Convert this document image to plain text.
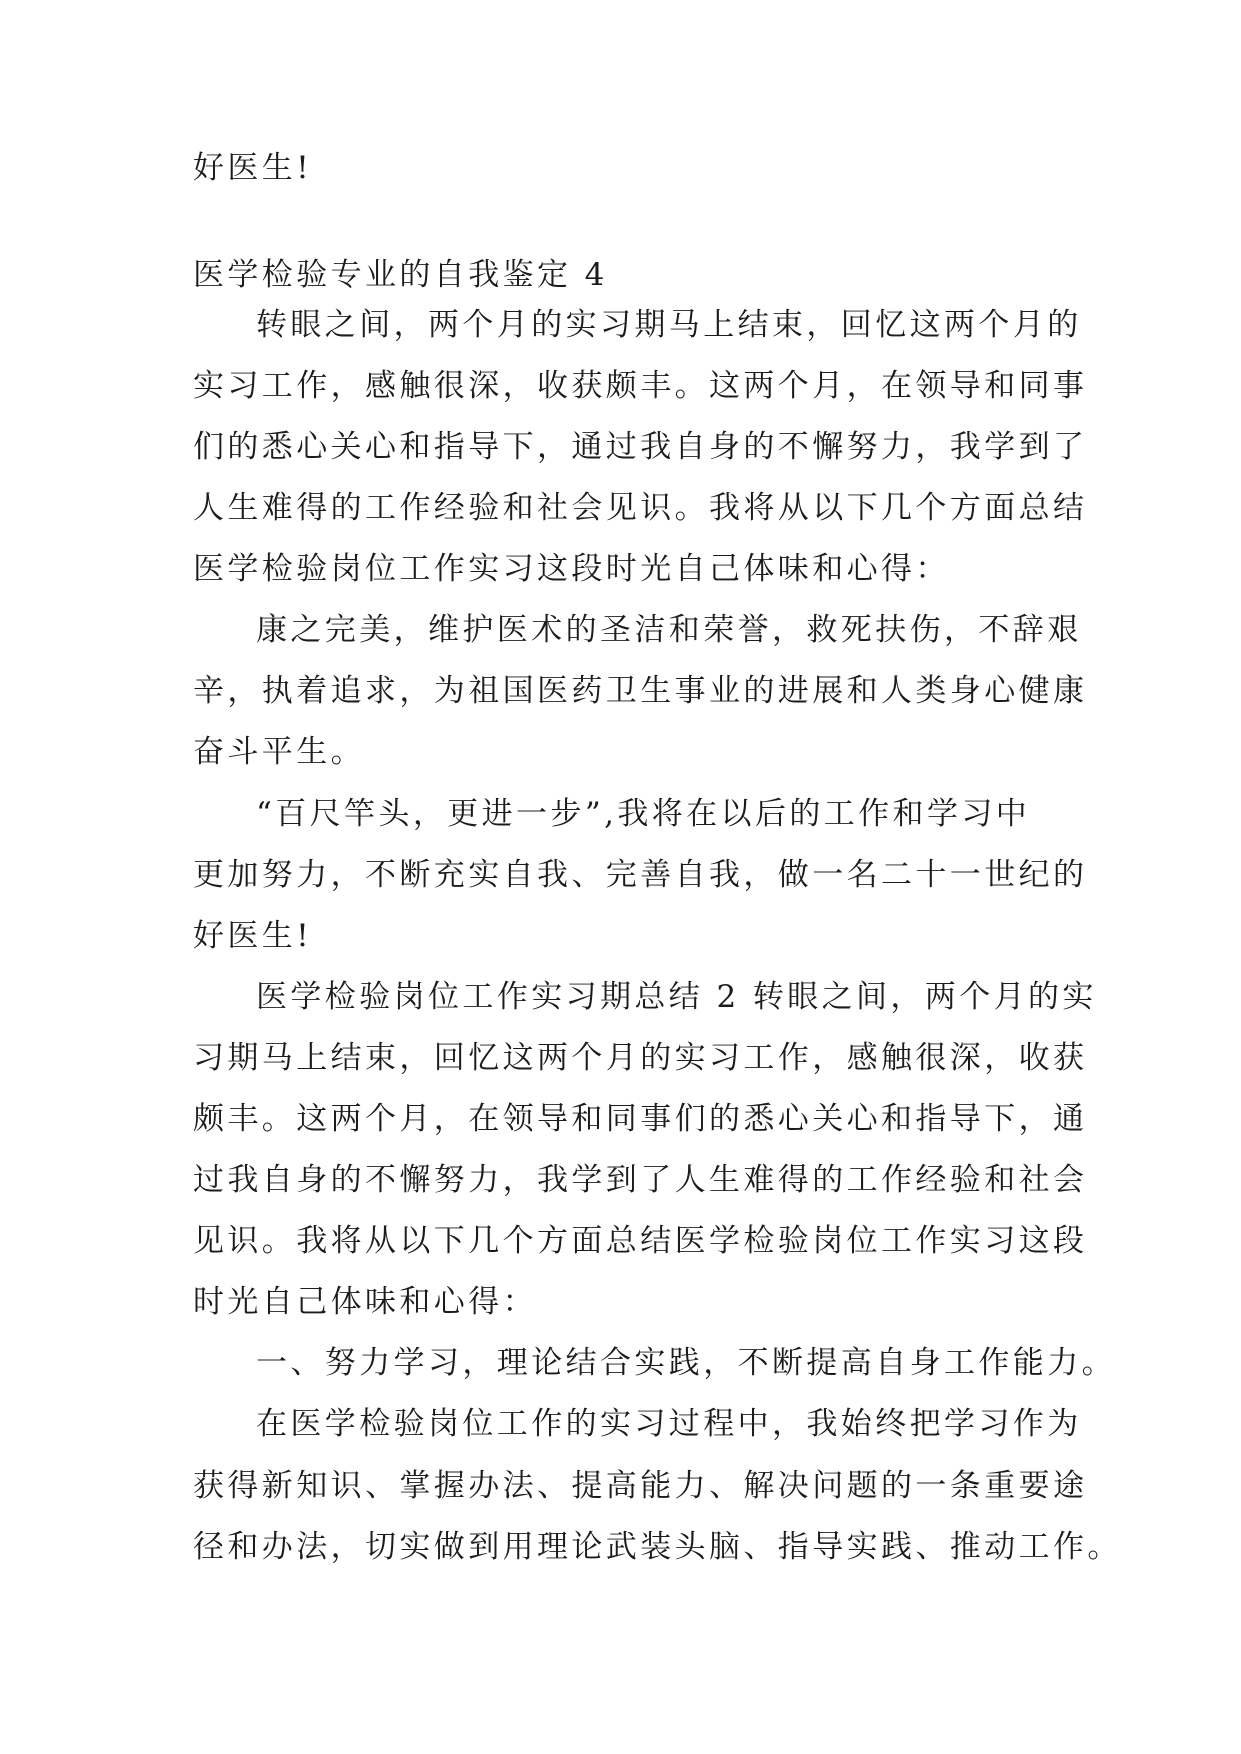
好医生!

医学检验专业的自我鉴定 4

转眼之间，两个月的实习期马上结束，回忆这两个月的

实习工作，感触很深，收获颇丰。这两个月，在领导和同事

们的悉心关心和指导下，通过我自身的不懈努力，我学到了

人生难得的工作经验和社会见识。我将从以下几个方面总结

医学检验岗位工作实习这段时光自己体味和心得：

康之完美，维护医术的圣洁和荣誉，救死扶伤，不辞艰

辛，执着追求，为祖国医药卫生事业的进展和人类身心健康

奋斗平生。

“百尺竿头，更进一步”,我将在以后的工作和学习中

更加努力，不断充实自我、完善自我，做一名二十一世纪的

好医生!

医学检验岗位工作实习期总结 2 转眼之间，两个月的实

习期马上结束，回忆这两个月的实习工作，感触很深，收获

颇丰。这两个月，在领导和同事们的悉心关心和指导下，通

过我自身的不懈努力，我学到了人生难得的工作经验和社会

见识。我将从以下几个方面总结医学检验岗位工作实习这段

时光自己体味和心得：

一、努力学习，理论结合实践，不断提高自身工作能力。

在医学检验岗位工作的实习过程中，我始终把学习作为

获得新知识、掌握办法、提高能力、解决问题的一条重要途

径和办法，切实做到用理论武装头脑、指导实践、推动工作。
